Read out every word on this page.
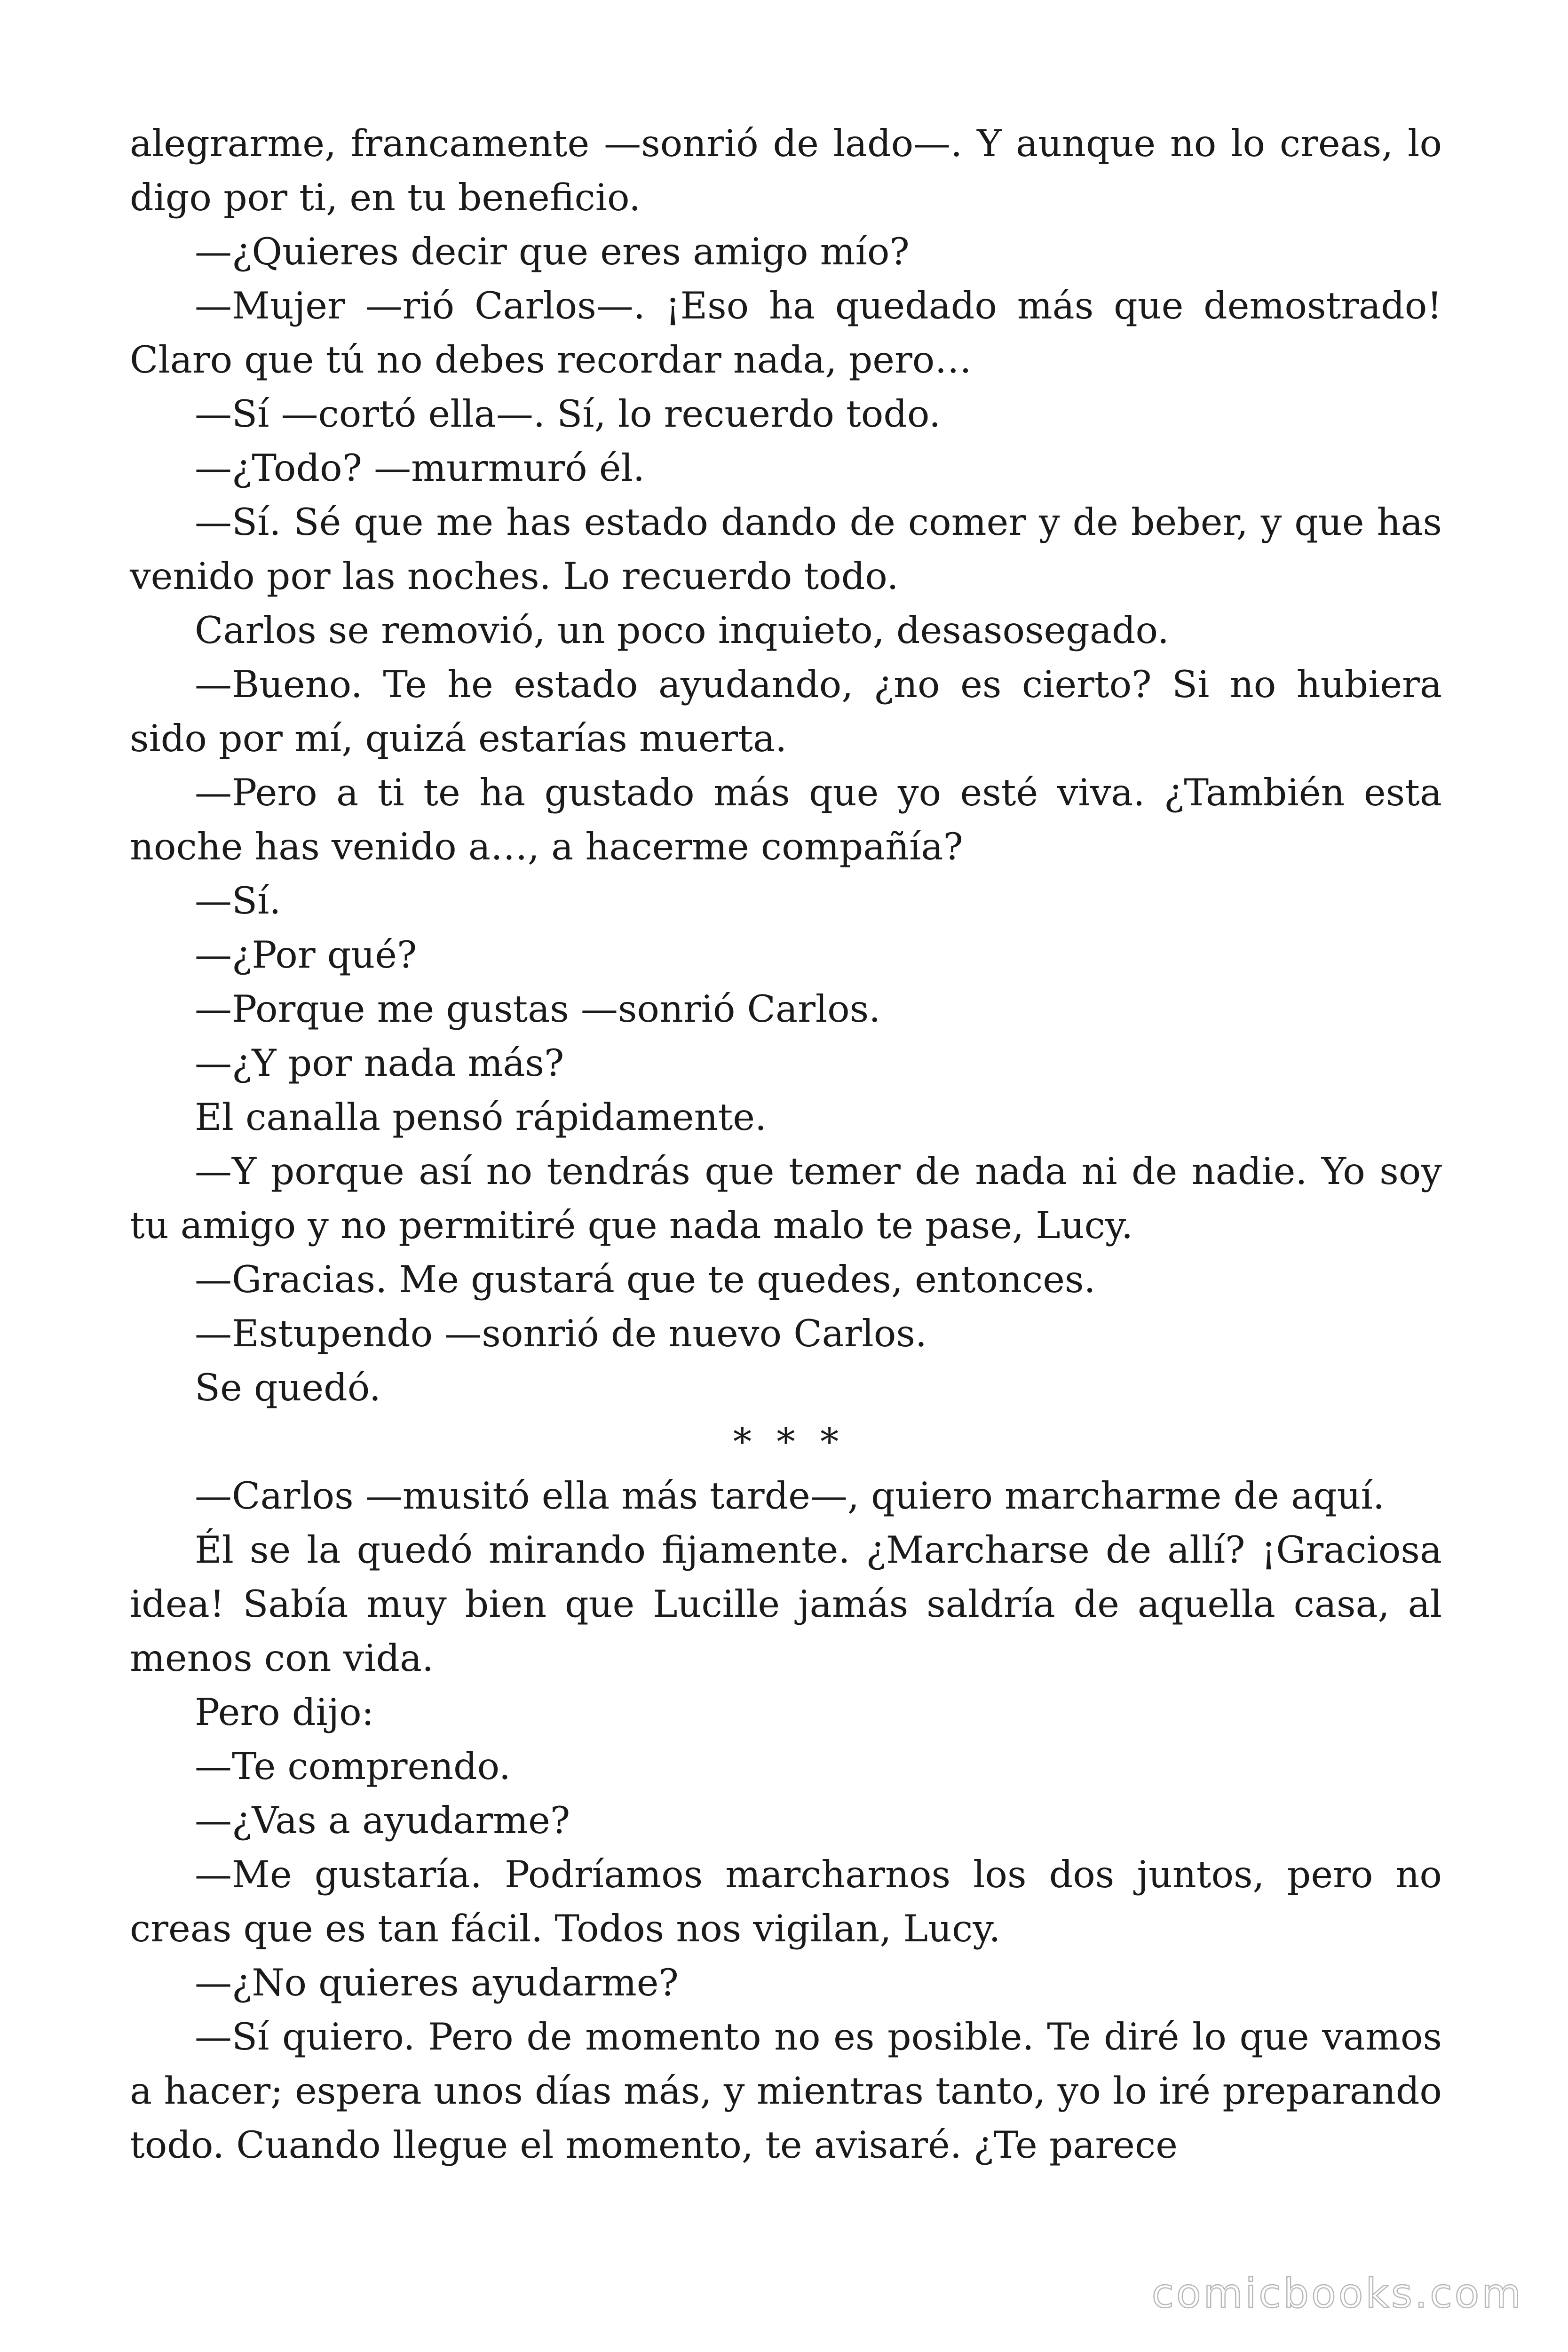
alegrarme, francamente —sonrió de lado—. Y aunque no lo creas, lo digo por ti, en tu beneficio.

—¿Quieres decir que eres amigo mío?

—Mujer —rió Carlos—. ¡Eso ha quedado más que demostrado! Claro que tú no debes recordar nada, pero…

—Sí —cortó ella—. Sí, lo recuerdo todo.

—¿Todo? —murmuró él.

—Sí. Sé que me has estado dando de comer y de beber, y que has venido por las noches. Lo recuerdo todo.

Carlos se removió, un poco inquieto, desasosegado.

—Bueno. Te he estado ayudando, ¿no es cierto? Si no hubiera sido por mí, quizá estarías muerta.

—Pero a ti te ha gustado más que yo esté viva. ¿También esta noche has venido a…, a hacerme compañía?

—Sí.

—¿Por qué?

—Porque me gustas —sonrió Carlos.

—¿Y por nada más?

El canalla pensó rápidamente.

—Y porque así no tendrás que temer de nada ni de nadie. Yo soy tu amigo y no permitiré que nada malo te pase, Lucy.

—Gracias. Me gustará que te quedes, entonces.

—Estupendo —sonrió de nuevo Carlos.

Se quedó.

* * *

—Carlos —musitó ella más tarde—, quiero marcharme de aquí.

Él se la quedó mirando fijamente. ¿Marcharse de allí? ¡Graciosa idea! Sabía muy bien que Lucille jamás saldría de aquella casa, al menos con vida.

Pero dijo:

—Te comprendo.

—¿Vas a ayudarme?

—Me gustaría. Podríamos marcharnos los dos juntos, pero no creas que es tan fácil. Todos nos vigilan, Lucy.

—¿No quieres ayudarme?

—Sí quiero. Pero de momento no es posible. Te diré lo que vamos a hacer; espera unos días más, y mientras tanto, yo lo iré preparando todo. Cuando llegue el momento, te avisaré. ¿Te parece

comicbooks.com
